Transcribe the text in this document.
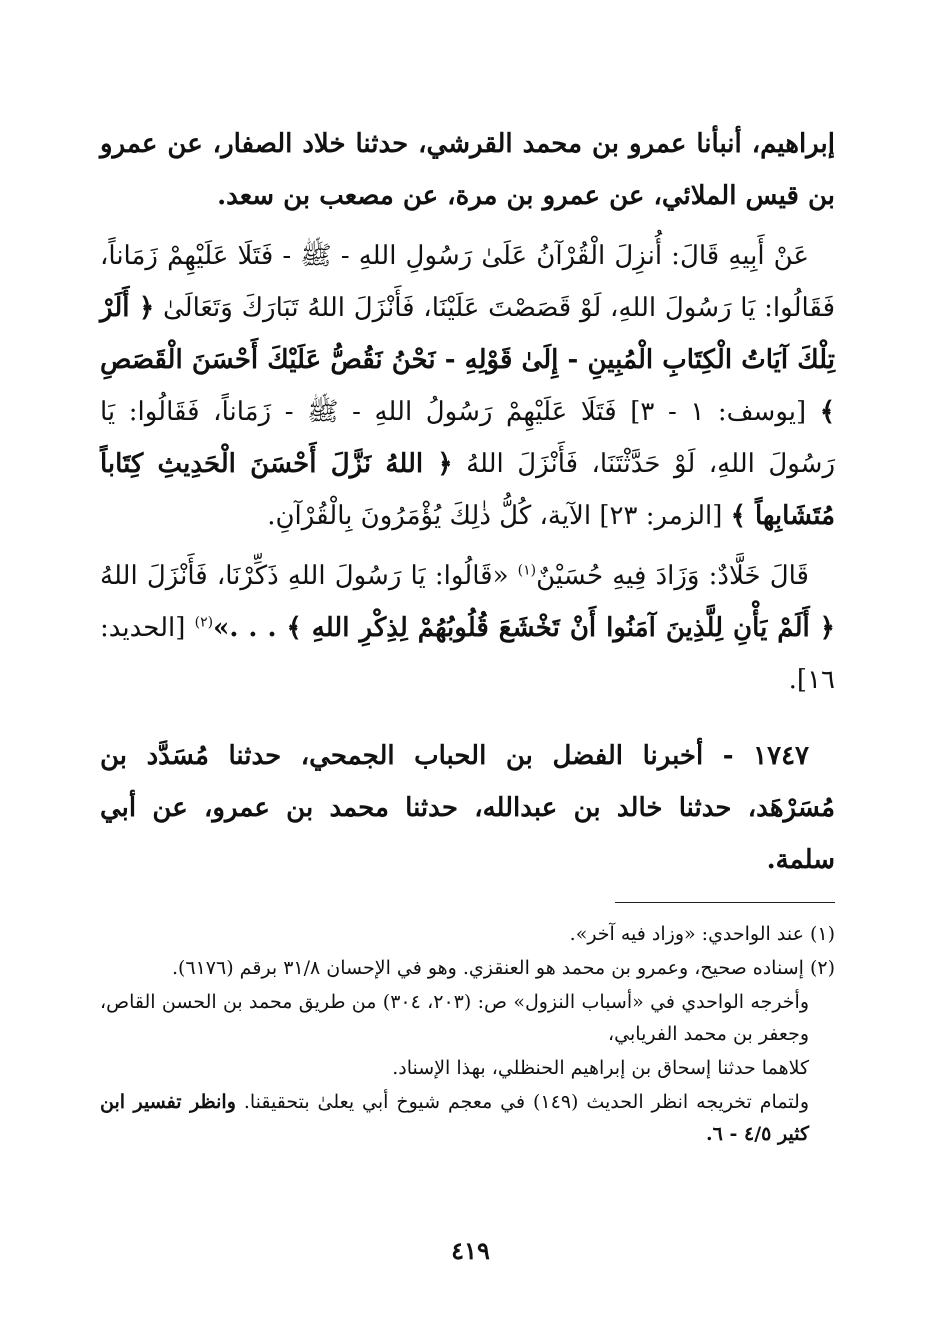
إبراهيم، أنبأنا عمرو بن محمد القرشي، حدثنا خلاد الصفار، عن عمرو بن قيس الملائي، عن عمرو بن مرة، عن مصعب بن سعد.

عَنْ أَبِيهِ قَالَ: أُنزِلَ الْقُرْآنُ عَلَىٰ رَسُولِ اللهِ - ﷺ - فَتَلَا عَلَيْهِمْ زَمَاناً، فَقَالُوا: يَا رَسُولَ اللهِ، لَوْ قَصَصْتَ عَلَيْنَا، فَأَنْزَلَ اللهُ تَبَارَكَ وَتَعَالَىٰ ﴿ أَلَرْ تِلْكَ آيَاتُ الْكِتَابِ الْمُبِينِ - إِلَىٰ قَوْلِهِ - نَحْنُ نَقُصُّ عَلَيْكَ أَحْسَنَ الْقَصَصِ ﴾ [يوسف: ١ - ٣] فَتَلَا عَلَيْهِمْ رَسُولُ اللهِ - ﷺ - زَمَاناً، فَقَالُوا: يَا رَسُولَ اللهِ، لَوْ حَدَّثْتَنَا، فَأَنْزَلَ اللهُ ﴿ اللهُ نَزَّلَ أَحْسَنَ الْحَدِيثِ كِتَاباً مُتَشَابِهاً ﴾ [الزمر: ٢٣] الآية، كُلُّ ذٰلِكَ يُؤْمَرُونَ بِالْقُرْآنِ.

قَالَ خَلَّادٌ: وَزَادَ فِيهِ حُسَيْنٌ$^{(١)}$ «قَالُوا: يَا رَسُولَ اللهِ ذَكِّرْنَا، فَأَنْزَلَ اللهُ ﴿ أَلَمْ يَأْنِ لِلَّذِينَ آمَنُوا أَنْ تَخْشَعَ قُلُوبُهُمْ لِذِكْرِ اللهِ ﴾ . . .»$^{(٢)}$ [الحديد: ١٦].

١٧٤٧ - أخبرنا الفضل بن الحباب الجمحي، حدثنا مُسَدَّد بن مُسَرْهَد، حدثنا خالد بن عبدالله، حدثنا محمد بن عمرو، عن أبي سلمة.

(١) عند الواحدي: «وزاد فيه آخر».

(٢) إسناده صحيح، وعمرو بن محمد هو العنقزي. وهو في الإحسان ٣١/٨ برقم (٦١٧٦).

وأخرجه الواحدي في «أسباب النزول» ص: (٢٠٣، ٣٠٤) من طريق محمد بن الحسن القاص، وجعفر بن محمد الفريابي،

كلاهما حدثنا إسحاق بن إبراهيم الحنظلي، بهذا الإسناد.

ولتمام تخريجه انظر الحديث (١٤٩) في معجم شيوخ أبي يعلىٰ بتحقيقنا. وانظر تفسير ابن كثير ٤/٥ - ٦.

٤١٩
